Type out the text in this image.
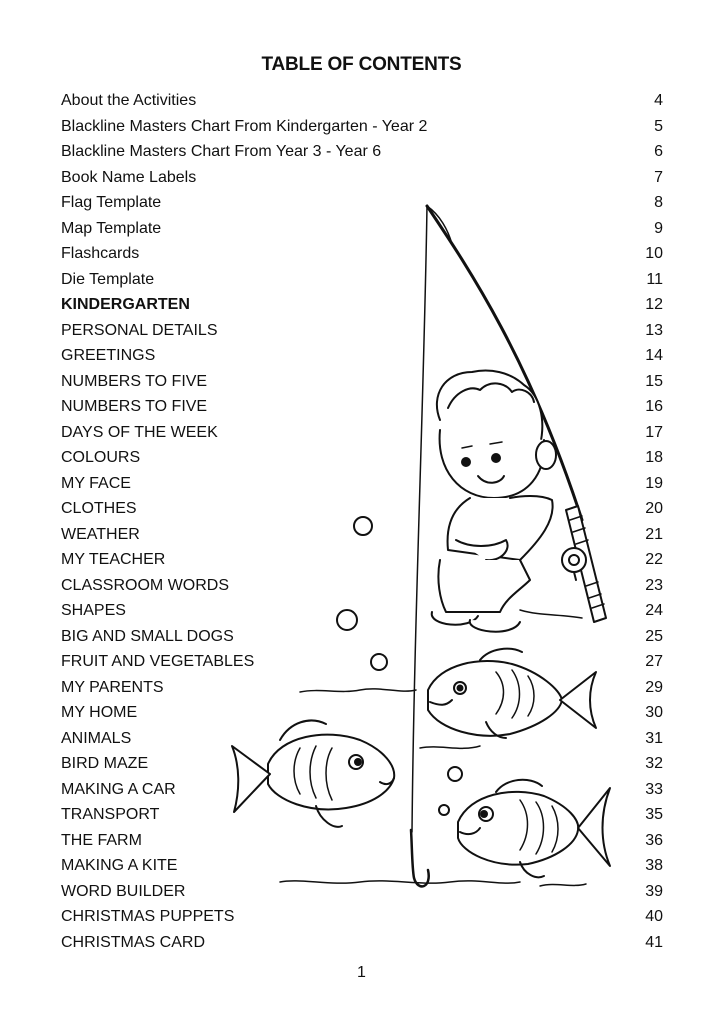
TABLE OF CONTENTS
About the Activities	4
Blackline Masters Chart From Kindergarten - Year 2	5
Blackline Masters Chart From Year 3 - Year 6	6
Book Name Labels	7
Flag Template	8
Map Template	9
Flashcards	10
Die Template	11
KINDERGARTEN	12
PERSONAL DETAILS	13
GREETINGS	14
NUMBERS TO FIVE	15
NUMBERS TO FIVE	16
DAYS OF THE WEEK	17
COLOURS	18
MY FACE	19
CLOTHES	20
WEATHER	21
MY TEACHER	22
CLASSROOM WORDS	23
SHAPES	24
BIG AND SMALL DOGS	25
FRUIT AND VEGETABLES	27
MY PARENTS	29
MY HOME	30
ANIMALS	31
BIRD MAZE	32
MAKING A CAR	33
TRANSPORT	35
THE FARM	36
MAKING A KITE	38
WORD BUILDER	39
CHRISTMAS PUPPETS	40
CHRISTMAS CARD	41
1
